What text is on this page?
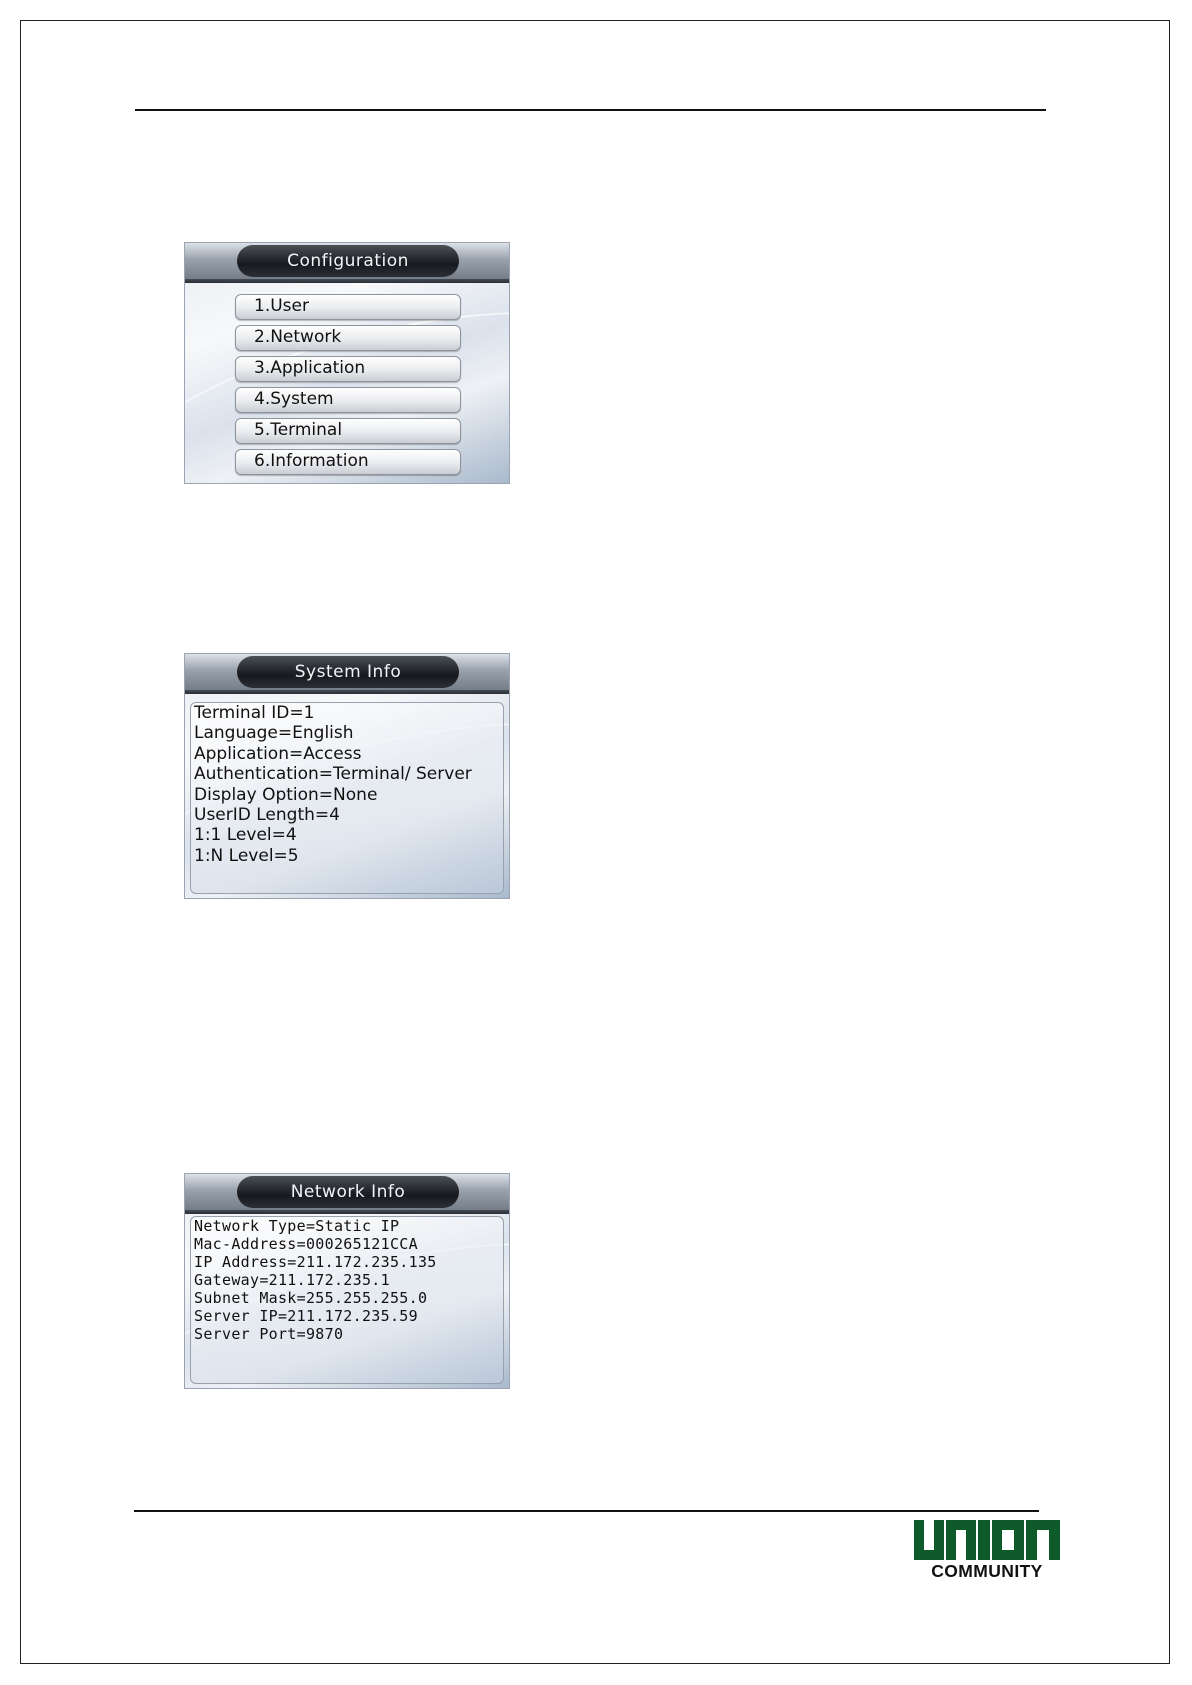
Configuration
1.User
2.Network
3.Application
4.System
5.Terminal
6.Information
System Info
Terminal ID=1
Language=English
Application=Access
Authentication=Terminal/ Server
Display Option=None
UserID Length=4
1:1 Level=4
1:N Level=5
Network Info
Network Type=Static IP
Mac-Address=000265121CCA
IP Address=211.172.235.135
Gateway=211.172.235.1
Subnet Mask=255.255.255.0
Server IP=211.172.235.59
Server Port=9870
COMMUNITY
